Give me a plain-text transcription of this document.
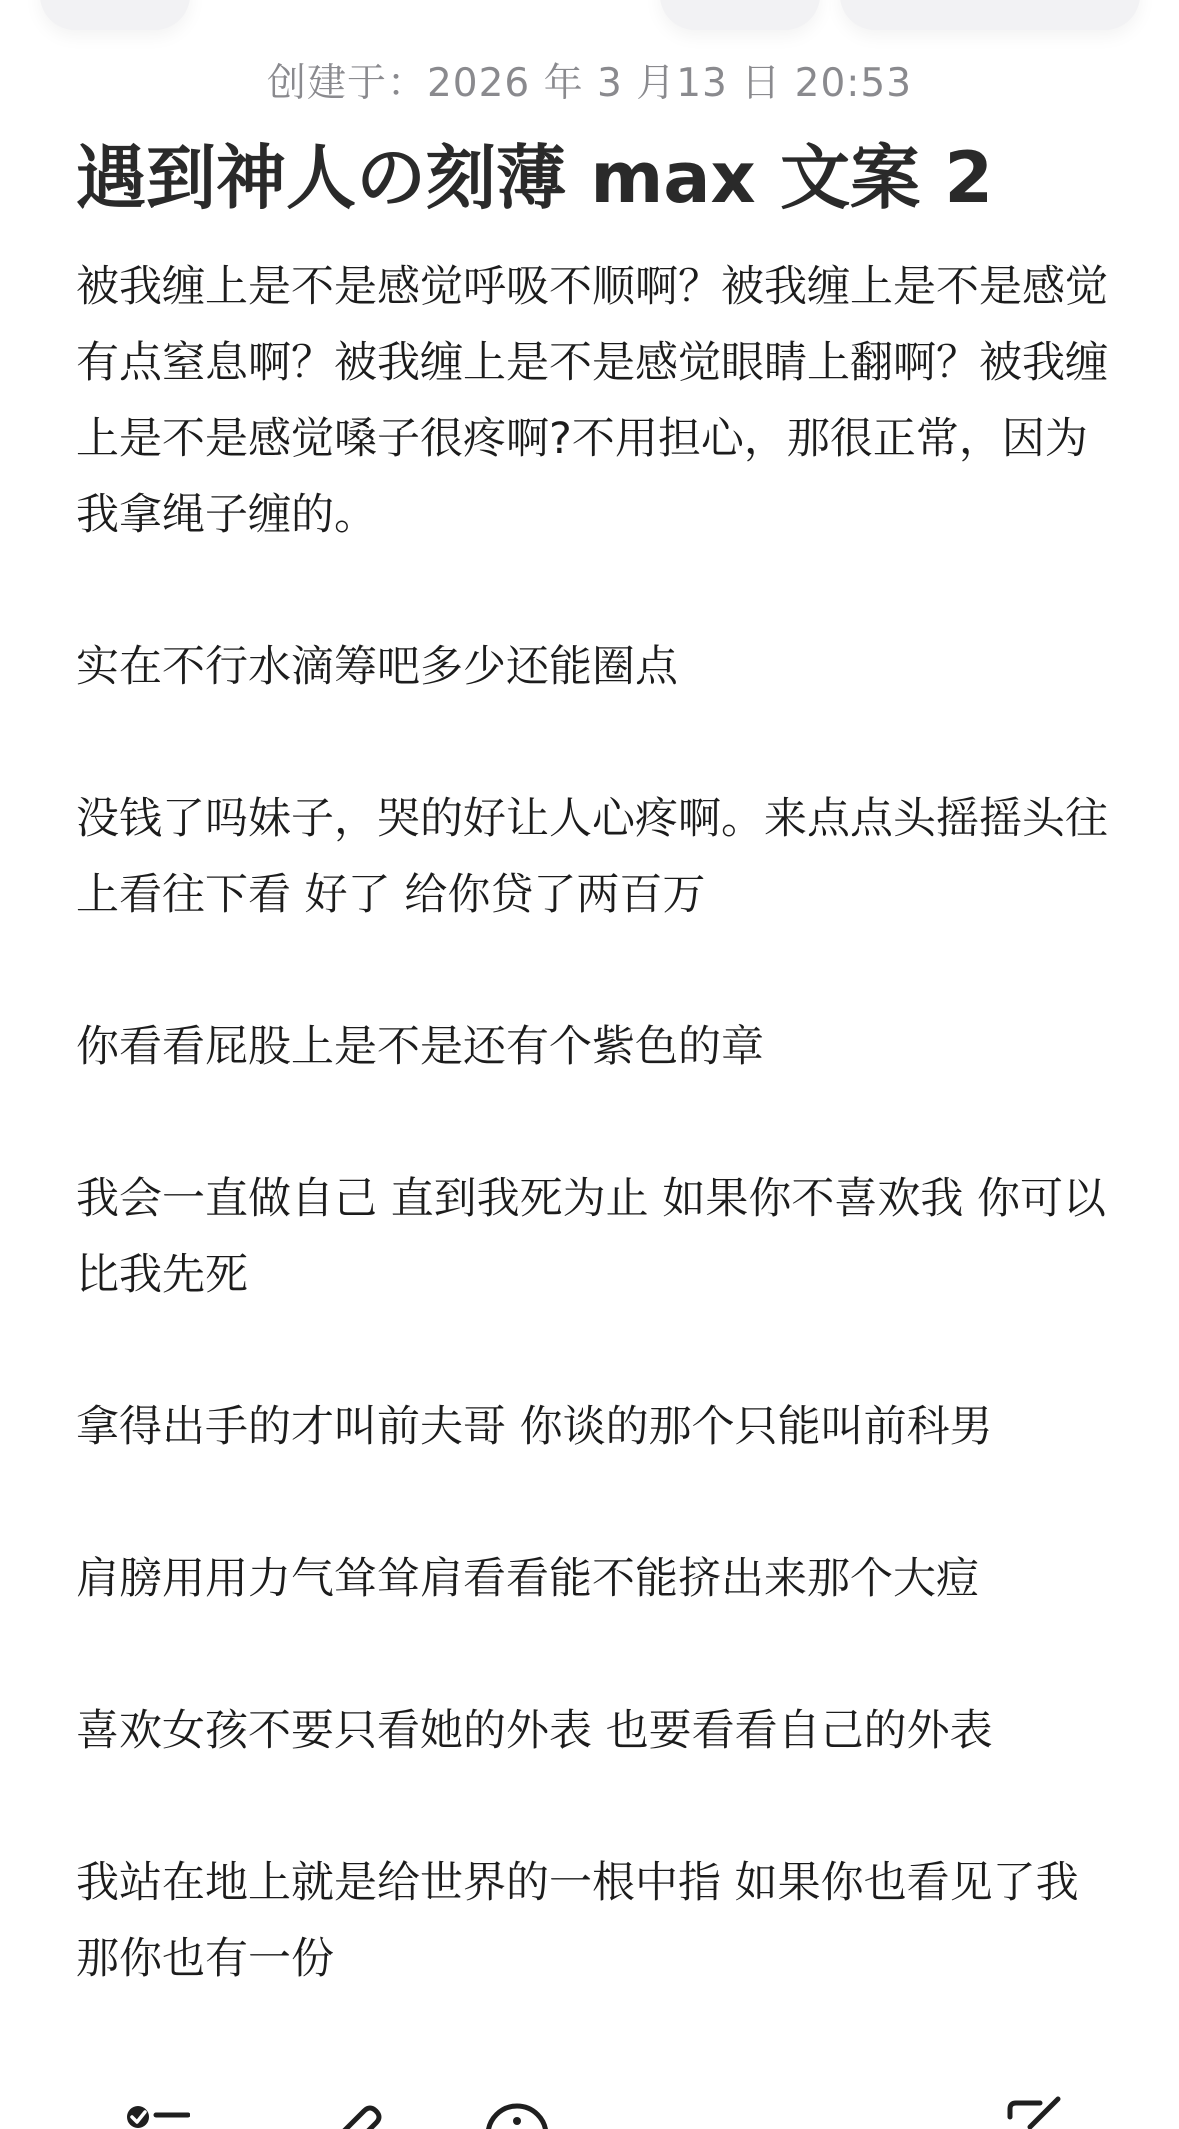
创建于：2026 年 3 月13 日 20:53
遇到神人の刻薄 max 文案 2

被我缠上是不是感觉呼吸不顺啊？被我缠上是不是感觉有点窒息啊？被我缠上是不是感觉眼睛上翻啊？被我缠上是不是感觉嗓子很疼啊?不用担心，那很正常，因为我拿绳子缠的。

实在不行水滴筹吧多少还能圈点

没钱了吗妹子，哭的好让人心疼啊。来点点头摇摇头往上看往下看 好了 给你贷了两百万

你看看屁股上是不是还有个紫色的章

我会一直做自己 直到我死为止 如果你不喜欢我 你可以比我先死

拿得出手的才叫前夫哥 你谈的那个只能叫前科男

肩膀用用力气耸耸肩看看能不能挤出来那个大痘

喜欢女孩不要只看她的外表 也要看看自己的外表

我站在地上就是给世界的一根中指 如果你也看见了我 那你也有一份
